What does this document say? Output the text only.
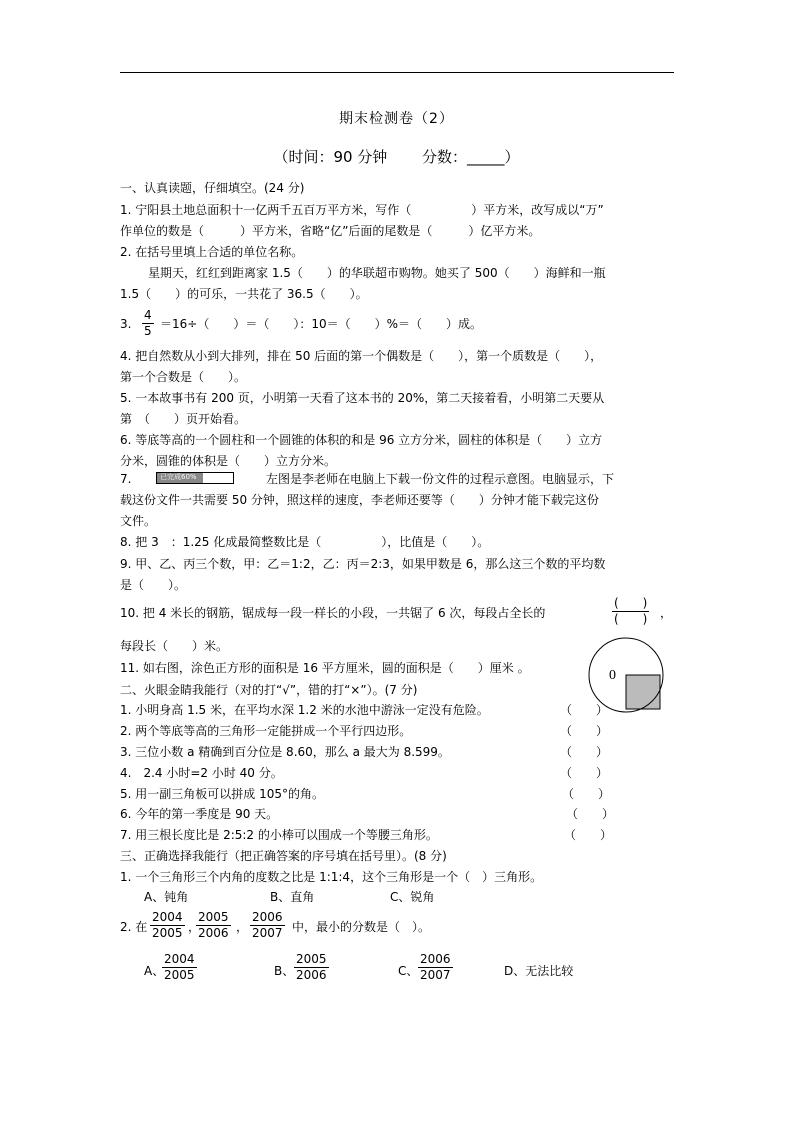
期末检测卷（2）
（时间：90 分钟　　 分数：_____）
一、认真读题，仔细填空。(24 分)
1. 宁阳县土地总面积十一亿两千五百万平方米，写作（　　　　　）平方米，改写成以“万”
作单位的数是（　　　）平方米，省略“亿”后面的尾数是（　　　）亿平方米。
2. 在括号里填上合适的单位名称。
星期天，红红到距离家 1.5（　　）的华联超市购物。她买了 500（　　）海鲜和一瓶
1.5（　　）的可乐，一共花了 36.5（　　）。
3. $\frac{4}{5} =16\div$（　　）＝（　　）：10＝（　　）%＝（　　）成。
4. 把自然数从小到大排列，排在 50 后面的第一个偶数是（　　），第一个质数是（　　），
第一个合数是（　　）。
5. 一本故事书有 200 页，小明第一天看了这本书的 20%，第二天接着看，小明第二天要从
第　（　　）页开始看。
6. 等底等高的一个圆柱和一个圆锥的体积的和是 96 立方分米，圆柱的体积是（　　）立方
分米，圆锥的体积是（　　）立方分米。
7.	已完成60%	左图是李老师在电脑上下载一份文件的过程示意图。电脑显示，下
载这份文件一共需要 50 分钟，照这样的速度，李老师还要等（　　）分钟才能下载完这份
文件。
8. 把 3　：1.25 化成最简整数比是（　　　　　），比值是（　　）。
9. 甲、乙、丙三个数，甲：乙＝1:2，乙：丙＝2:3，如果甲数是 6，那么这三个数的平均数
是（　　）。
10. 把 4 米长的钢筋，锯成每一段一样长的小段，一共锯了 6 次，每段占全长的
(　　)
(　　) ，
每段长（　　）米。
11. 如右图，涂色正方形的面积是 16 平方厘米，圆的面积是（　　）厘米 。	0
二、火眼金睛我能行（对的打“√”，错的打“×”）。(7 分)
1. 小明身高 1.5 米，在平均水深 1.2 米的水池中游泳一定没有危险。	（　　）
2. 两个等底等高的三角形一定能拼成一个平行四边形。	（　　）
3. 三位小数 a 精确到百分位是 8.60，那么 a 最大为 8.599。	（　　）
4.　2.4 小时=2 小时 40 分。	（　　）
5. 用一副三角板可以拼成 105°的角。	（　　）
6. 今年的第一季度是 90 天。	（　　）
7. 用三根长度比是 2:5:2 的小棒可以围成一个等腰三角形。	（　　）
三、正确选择我能行（把正确答案的序号填在括号里）。(8 分)
1. 一个三角形三个内角的度数之比是 1:1:4，这个三角形是一个（　）三角形。
A、钝角	B、直角	C、锐角
2. 在 $\frac{2004}{2005}$ ，
$\frac{2005}{2006}$ ， $\frac{2006}{2007}$ 中，最小的分数是（　）。
A、
$\frac{2004}{2005}$	B、 $\frac{2005}{2006}$	C、 $\frac{2006}{2007}$	D、无法比较
